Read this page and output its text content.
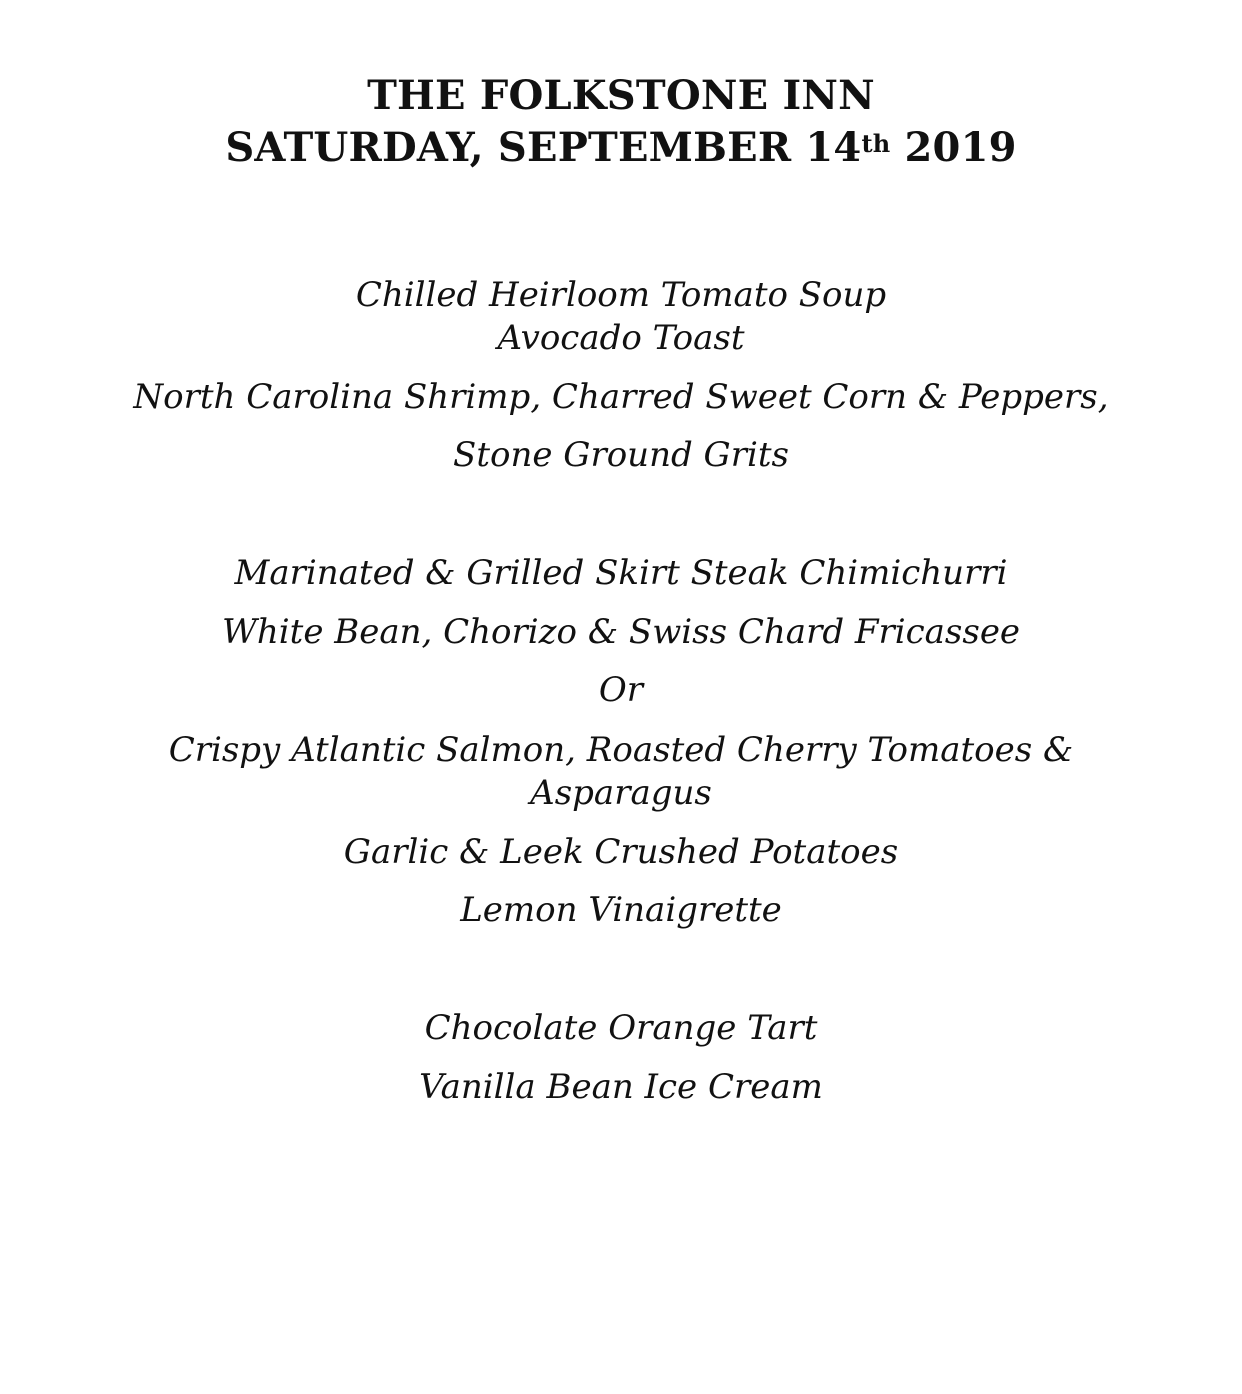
THE FOLKSTONE INN
SATURDAY, SEPTEMBER 14th 2019
Chilled Heirloom Tomato Soup
Avocado Toast
North Carolina Shrimp, Charred Sweet Corn & Peppers,
Stone Ground Grits
Marinated & Grilled Skirt Steak Chimichurri
White Bean, Chorizo & Swiss Chard Fricassee
Or
Crispy Atlantic Salmon, Roasted Cherry Tomatoes &
Asparagus
Garlic & Leek Crushed Potatoes
Lemon Vinaigrette
Chocolate Orange Tart
Vanilla Bean Ice Cream
